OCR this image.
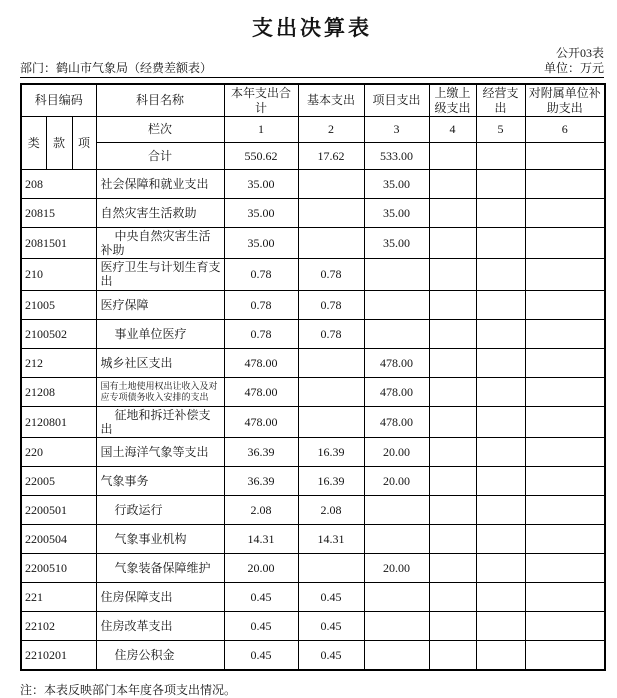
支出决算表
公开03表
部门：鹤山市气象局（经费差额表）	单位：万元
科目编码			科目名称	本年支出合计	基本支出	项目支出	上缴上级支出	经营支出	对附属单位补助支出
类	款	项	栏次	1	2	3	4	5	6
			合计	550.62	17.62	533.00			
208			社会保障和就业支出	35.00		35.00			
20815			自然灾害生活救助	35.00		35.00			
2081501			中央自然灾害生活补助	35.00		35.00			
210			医疗卫生与计划生育支出	0.78	0.78				
21005			医疗保障	0.78	0.78				
2100502			事业单位医疗	0.78	0.78				
212			城乡社区支出	478.00		478.00			
21208			国有土地使用权出让收入及对应专项债务收入安排的支出	478.00		478.00			
2120801			征地和拆迁补偿支出	478.00		478.00			
220			国土海洋气象等支出	36.39	16.39	20.00			
22005			气象事务	36.39	16.39	20.00			
2200501			行政运行	2.08	2.08				
2200504			气象事业机构	14.31	14.31				
2200510			气象装备保障维护	20.00		20.00			
221			住房保障支出	0.45	0.45				
22102			住房改革支出	0.45	0.45				
2210201			住房公积金	0.45	0.45				
注：本表反映部门本年度各项支出情况。
